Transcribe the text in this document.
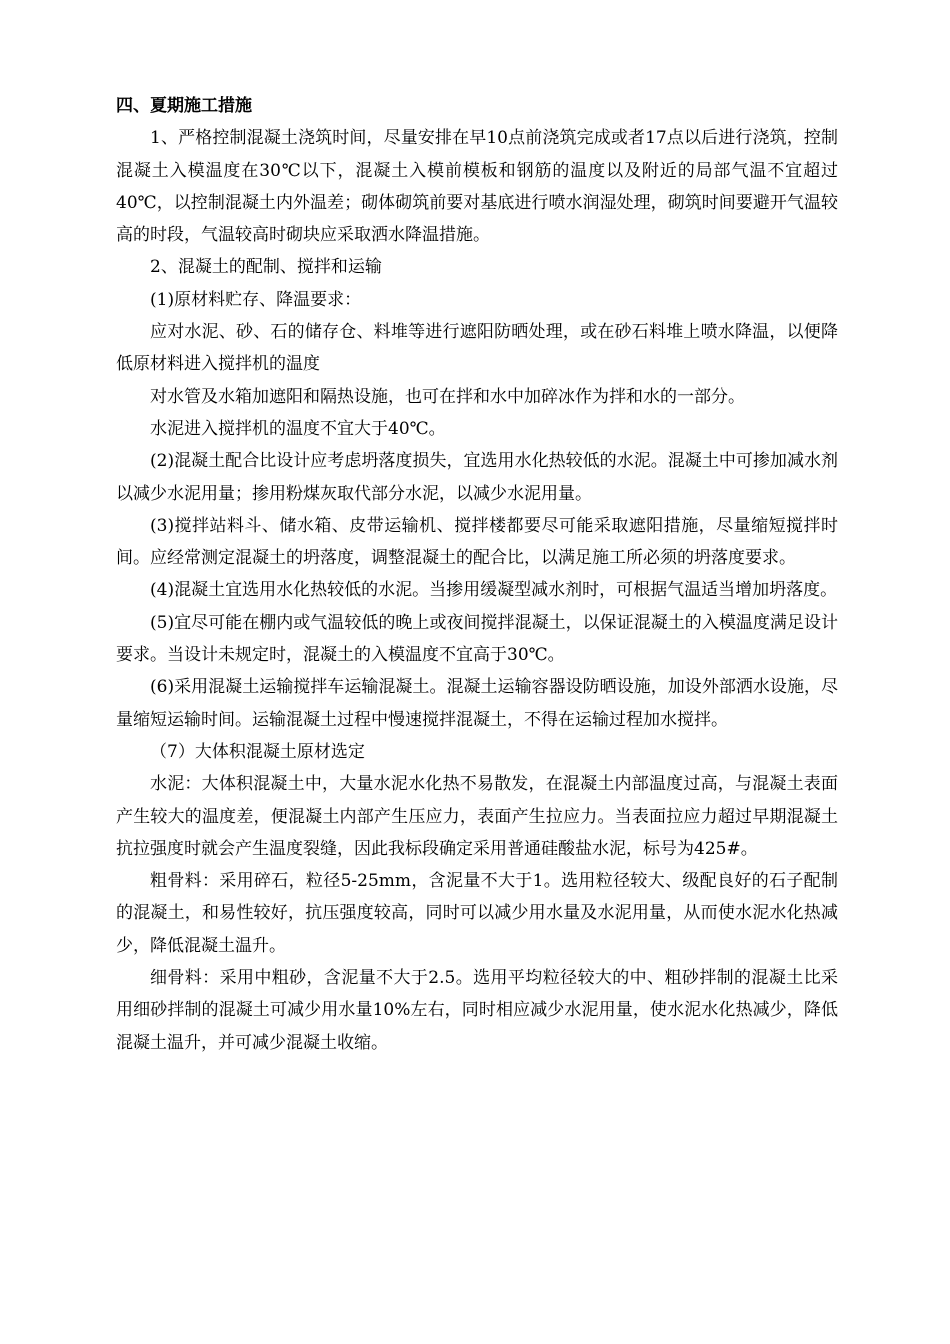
四、夏期施工措施

1、严格控制混凝土浇筑时间，尽量安排在早10点前浇筑完成或者17点以后进行浇筑，控制混凝土入模温度在30℃以下，混凝土入模前模板和钢筋的温度以及附近的局部气温不宜超过40℃，以控制混凝土内外温差；砌体砌筑前要对基底进行喷水润湿处理，砌筑时间要避开气温较高的时段，气温较高时砌块应采取洒水降温措施。

2、混凝土的配制、搅拌和运输

(1)原材料贮存、降温要求：

应对水泥、砂、石的储存仓、料堆等进行遮阳防晒处理，或在砂石料堆上喷水降温，以便降低原材料进入搅拌机的温度

对水管及水箱加遮阳和隔热设施，也可在拌和水中加碎冰作为拌和水的一部分。

水泥进入搅拌机的温度不宜大于40℃。

(2)混凝土配合比设计应考虑坍落度损失，宜选用水化热较低的水泥。混凝土中可掺加减水剂以减少水泥用量；掺用粉煤灰取代部分水泥，以减少水泥用量。

(3)搅拌站料斗、储水箱、皮带运输机、搅拌楼都要尽可能采取遮阳措施，尽量缩短搅拌时间。应经常测定混凝土的坍落度，调整混凝土的配合比，以满足施工所必须的坍落度要求。

(4)混凝土宜选用水化热较低的水泥。当掺用缓凝型减水剂时，可根据气温适当增加坍落度。

(5)宜尽可能在棚内或气温较低的晚上或夜间搅拌混凝土，以保证混凝土的入模温度满足设计要求。当设计未规定时，混凝土的入模温度不宜高于30℃。

(6)采用混凝土运输搅拌车运输混凝土。混凝土运输容器设防晒设施，加设外部洒水设施，尽量缩短运输时间。运输混凝土过程中慢速搅拌混凝土，不得在运输过程加水搅拌。

（7）大体积混凝土原材选定

水泥：大体积混凝土中，大量水泥水化热不易散发，在混凝土内部温度过高，与混凝土表面产生较大的温度差，便混凝土内部产生压应力，表面产生拉应力。当表面拉应力超过早期混凝土抗拉强度时就会产生温度裂缝，因此我标段确定采用普通硅酸盐水泥，标号为425#。

粗骨料：采用碎石，粒径5-25mm，含泥量不大于1。选用粒径较大、级配良好的石子配制的混凝土，和易性较好，抗压强度较高，同时可以减少用水量及水泥用量，从而使水泥水化热减少，降低混凝土温升。

细骨料：采用中粗砂，含泥量不大于2.5。选用平均粒径较大的中、粗砂拌制的混凝土比采用细砂拌制的混凝土可减少用水量10%左右，同时相应减少水泥用量，使水泥水化热减少，降低混凝土温升，并可减少混凝土收缩。
